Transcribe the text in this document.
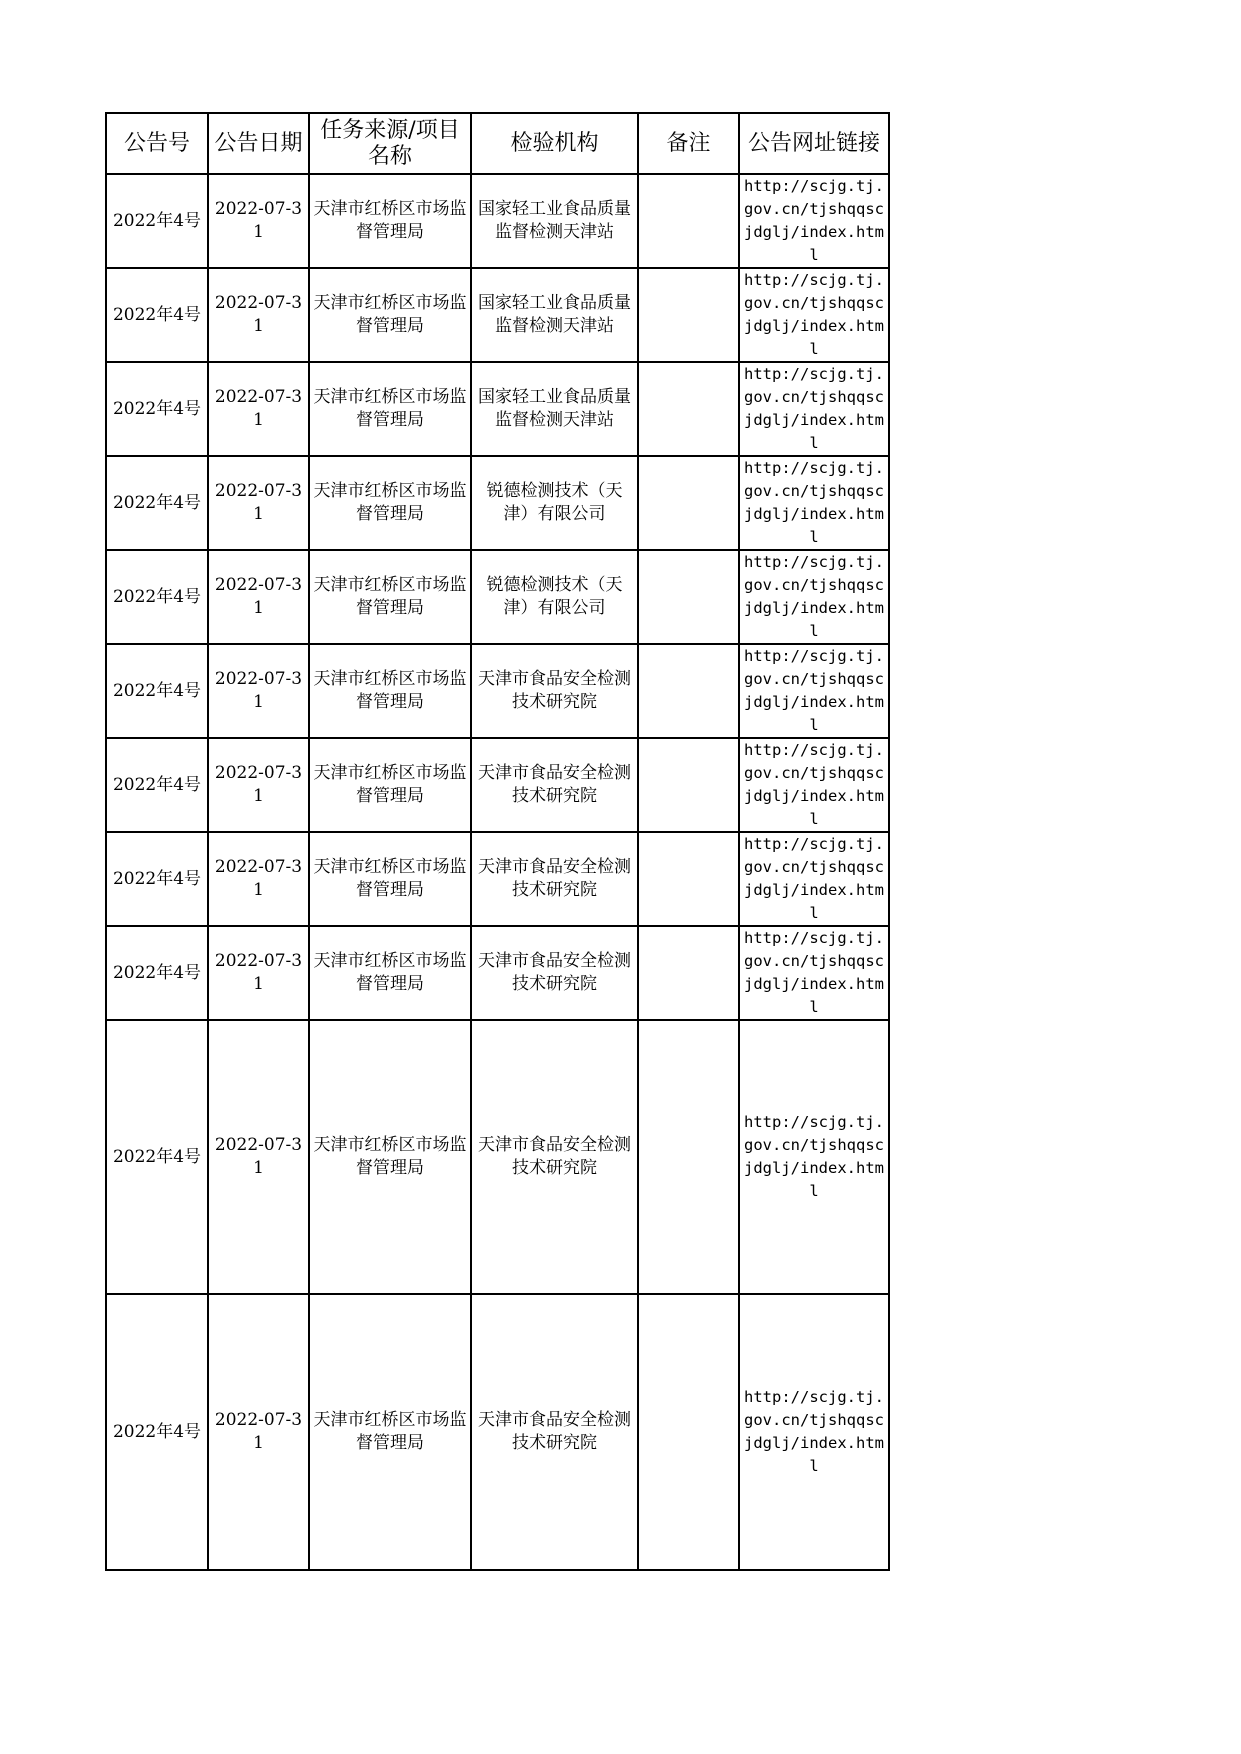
公告号	公告日期	任务来源/项目名称	检验机构	备注	公告网址链接
2022年4号	2022-07-31	天津市红桥区市场监督管理局	国家轻工业食品质量监督检测天津站		http://scjg.tj.gov.cn/tjshqqscjdglj/index.html
2022年4号	2022-07-31	天津市红桥区市场监督管理局	国家轻工业食品质量监督检测天津站		http://scjg.tj.gov.cn/tjshqqscjdglj/index.html
2022年4号	2022-07-31	天津市红桥区市场监督管理局	国家轻工业食品质量监督检测天津站		http://scjg.tj.gov.cn/tjshqqscjdglj/index.html
2022年4号	2022-07-31	天津市红桥区市场监督管理局	锐德检测技术（天津）有限公司		http://scjg.tj.gov.cn/tjshqqscjdglj/index.html
2022年4号	2022-07-31	天津市红桥区市场监督管理局	锐德检测技术（天津）有限公司		http://scjg.tj.gov.cn/tjshqqscjdglj/index.html
2022年4号	2022-07-31	天津市红桥区市场监督管理局	天津市食品安全检测技术研究院		http://scjg.tj.gov.cn/tjshqqscjdglj/index.html
2022年4号	2022-07-31	天津市红桥区市场监督管理局	天津市食品安全检测技术研究院		http://scjg.tj.gov.cn/tjshqqscjdglj/index.html
2022年4号	2022-07-31	天津市红桥区市场监督管理局	天津市食品安全检测技术研究院		http://scjg.tj.gov.cn/tjshqqscjdglj/index.html
2022年4号	2022-07-31	天津市红桥区市场监督管理局	天津市食品安全检测技术研究院		http://scjg.tj.gov.cn/tjshqqscjdglj/index.html
2022年4号	2022-07-31	天津市红桥区市场监督管理局	天津市食品安全检测技术研究院		http://scjg.tj.gov.cn/tjshqqscjdglj/index.html
2022年4号	2022-07-31	天津市红桥区市场监督管理局	天津市食品安全检测技术研究院		http://scjg.tj.gov.cn/tjshqqscjdglj/index.html
